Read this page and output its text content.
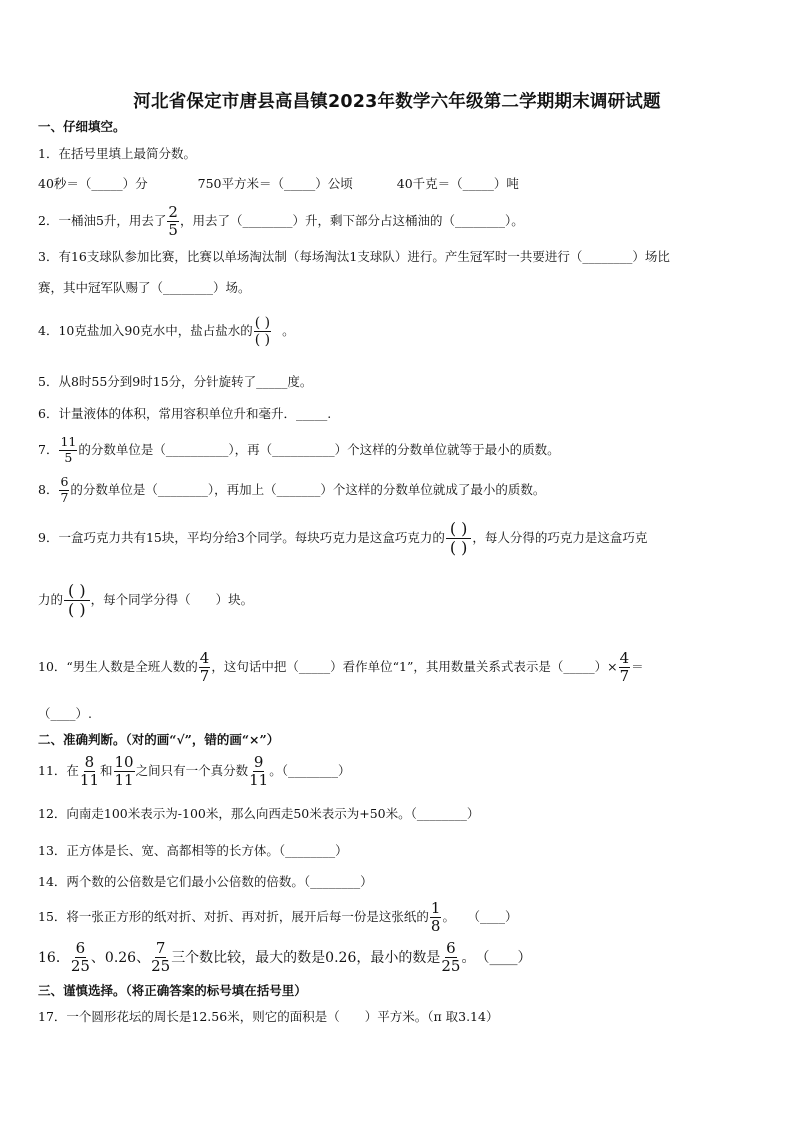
河北省保定市唐县高昌镇2023年数学六年级第二学期期末调研试题
一、仔细填空。
1．在括号里填上最简分数。
40秒＝（_____）分	750平方米＝（_____）公顷	40千克＝（_____）吨
2．一桶油5升，用去了 $\frac{2}{5}$ ，用去了（________）升，剩下部分占这桶油的（________）。
3．有16支球队参加比赛，比赛以单场淘汰制（每场淘汰1支球队）进行。产生冠军时一共要进行（________）场比
赛，其中冠军队赐了（________）场。
4．10克盐加入90克水中，盐占盐水的 $\frac{( )}{( )}$ 。
5．从8时55分到9时15分，分针旋转了_____度。
6．计量液体的体积，常用容积单位升和毫升．_____.
7． $\frac{11}{5}$ 的分数单位是（__________），再（__________）个这样的分数单位就等于最小的质数。
8． $\frac{6}{7}$ 的分数单位是（________），再加上（_______）个这样的分数单位就成了最小的质数。
9．一盒巧克力共有15块，平均分给3个同学。每块巧克力是这盒巧克力的 $\frac{( )}{( )}$ ，每人分得的巧克力是这盒巧克
力的 $\frac{( )}{( )}$ ，每个同学分得（　　）块。
10．“男生人数是全班人数的 $\frac{4}{7}$ ，这句话中把（_____）看作单位“1”，其用数量关系式表示是（_____）× $\frac{4}{7}$ ＝
（____）.
二、准确判断。（对的画“√”，错的画“×”）
11．在 $\frac{8}{11}$ 和 $\frac{10}{11}$ 之间只有一个真分数 $\frac{9}{11}$ 。（________）
12．向南走100米表示为-100米，那么向西走50米表示为+50米。（________）
13．正方体是长、宽、高都相等的长方体。（________）
14．两个数的公倍数是它们最小公倍数的倍数。（________）
15．将一张正方形的纸对折、对折、再对折，展开后每一份是这张纸的 $\frac{1}{8}$ 。　　（____）
16． $\frac{6}{25}$ 、0.26、 $\frac{7}{25}$ 三个数比较，最大的数是0.26，最小的数是 $\frac{6}{25}$ 。　（____）
三、谨慎选择。（将正确答案的标号填在括号里）
17．一个圆形花坛的周长是12.56米，则它的面积是（　　）平方米。（π 取3.14）
